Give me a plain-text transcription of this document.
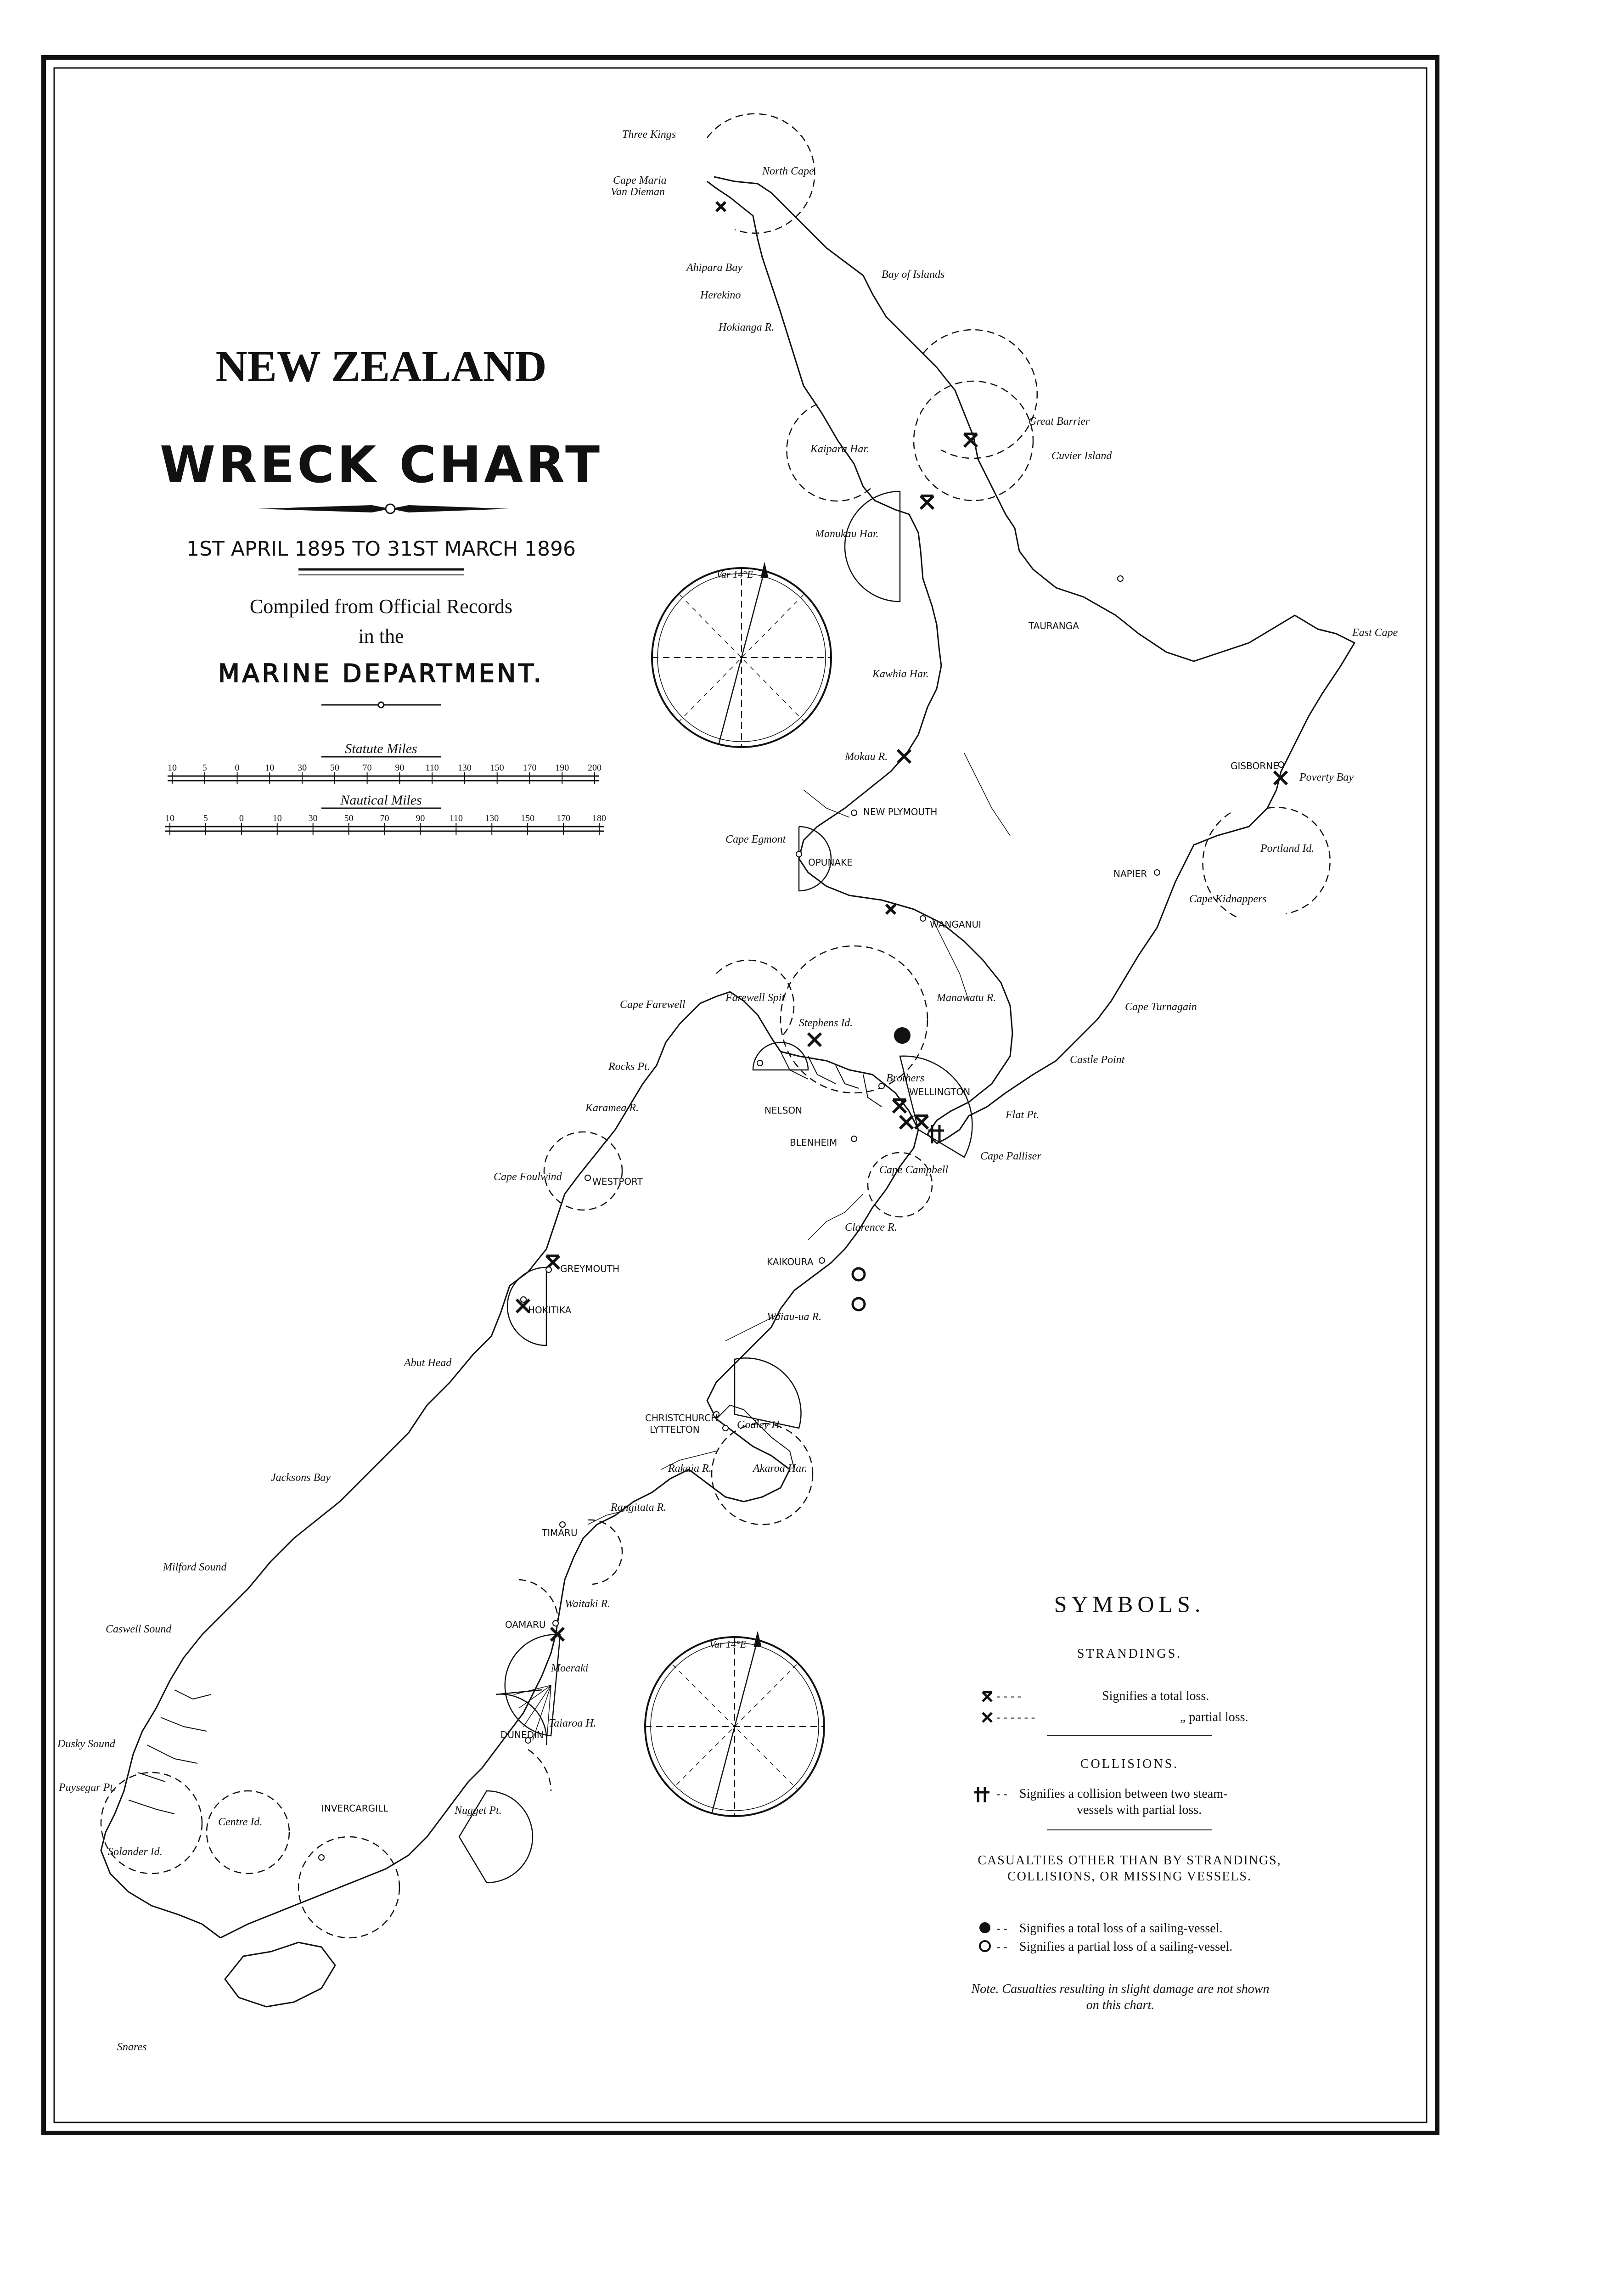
NEW ZEALAND
WRECK CHART
1ST APRIL 1895 TO 31ST MARCH 1896
Compiled from Official Records
in the
MARINE DEPARTMENT.
Statute Miles
10	5	0	10	30	50	70	90 110 130 150 170 190 200
Nautical Miles
10	5	0	10	30	50	70	90	110 130 150 170 180
Var 14°E
Var 14°E
Three Kings
Cape Maria
Van Dieman
North Cape
Ahipara Bay
Herekino
Hokianga R.
Bay of Islands
Kaipara Har.
Great Barrier
Cuvier Island
Manukau Har.
TAURANGA
East Cape
Kawhia Har.
Mokau R.
NEW PLYMOUTH
GISBORNE
Poverty Bay
Cape Egmont
OPUNAKE
NAPIER
Portland Id.
Cape Kidnappers
WANGANUI
Cape Farewell
Farewell Spit	Manawatu R.
Stephens Id.
Cape Turnagain
Rocks Pt.
NELSON
WELLINGTON
Brothers
Castle Point
Karamea R.
BLENHEIM
Flat Pt.
Cape Palliser
Cape Campbell
Cape Foulwind	WESTPORT
Clarence R.
KAIKOURA
GREYMOUTH
HOKITIKA
Waiau-ua R.
Abut Head
CHRISTCHURCH
LYTTELTON	Godley H.
Akaroa Har.
Rakaia R.
Jacksons Bay
Rangitata R.
TIMARU
Milford Sound
Waitaki R.
Caswell Sound	OAMARU
Moeraki
Taiaroa H.
DUNEDIN
Dusky Sound
Puysegur Pt.
Centre Id.
INVERCARGILL	Nugget Pt.
Solander Id.
Snares
SYMBOLS.
STRANDINGS.
- - - -	Signifies a total loss.
- - - - - -	„ partial loss.
COLLISIONS.
- - Signifies a collision between two steam-
vessels with partial loss.
CASUALTIES OTHER THAN BY STRANDINGS,
COLLISIONS, OR MISSING VESSELS.
- - Signifies a total loss of a sailing-vessel.
- - Signifies a partial loss of a sailing-vessel.
Note. Casualties resulting in slight damage are not shown
on this chart.
